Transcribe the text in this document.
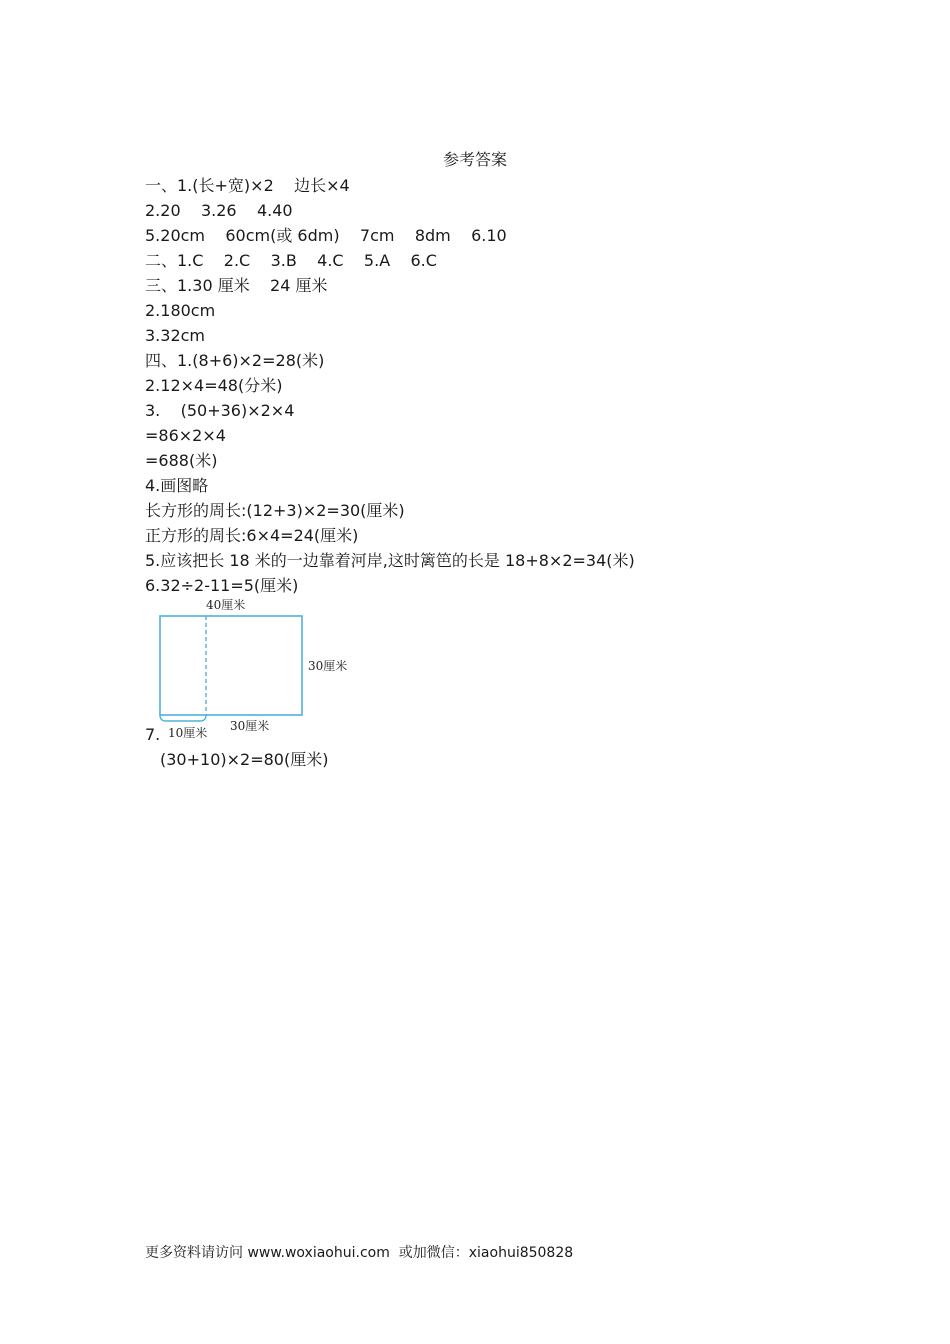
参考答案
一、1.(长+宽)×2    边长×4
2.20    3.26    4.40
5.20cm    60cm(或 6dm)    7cm    8dm    6.10
二、1.C    2.C    3.B    4.C    5.A    6.C
三、1.30 厘米    24 厘米
2.180cm
3.32cm
四、1.(8+6)×2=28(米)
2.12×4=48(分米)
3.    (50+36)×2×4
=86×2×4
=688(米)
4.画图略
长方形的周长:(12+3)×2=30(厘米)
正方形的周长:6×4=24(厘米)
5.应该把长 18 米的一边靠着河岸,这时篱笆的长是 18+8×2=34(米)
6.32÷2-11=5(厘米)
40厘米
30厘米
10厘米 30厘米
7.
(30+10)×2=80(厘米)
更多资料请访问 www.woxiaohui.com  或加微信：xiaohui850828
